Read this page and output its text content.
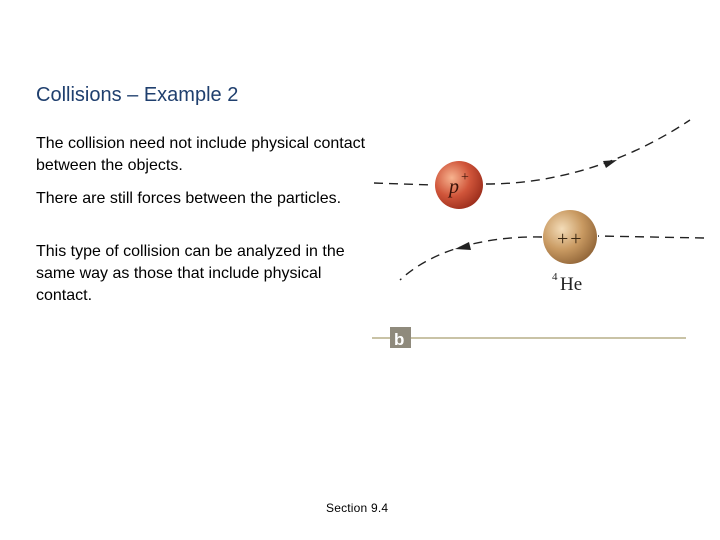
Collisions – Example 2
The collision need not include physical contact between the objects.
There are still forces between the particles.
This type of collision can be analyzed in the same way as those that include physical contact.
p +
++
4 He
b
Section 9.4
